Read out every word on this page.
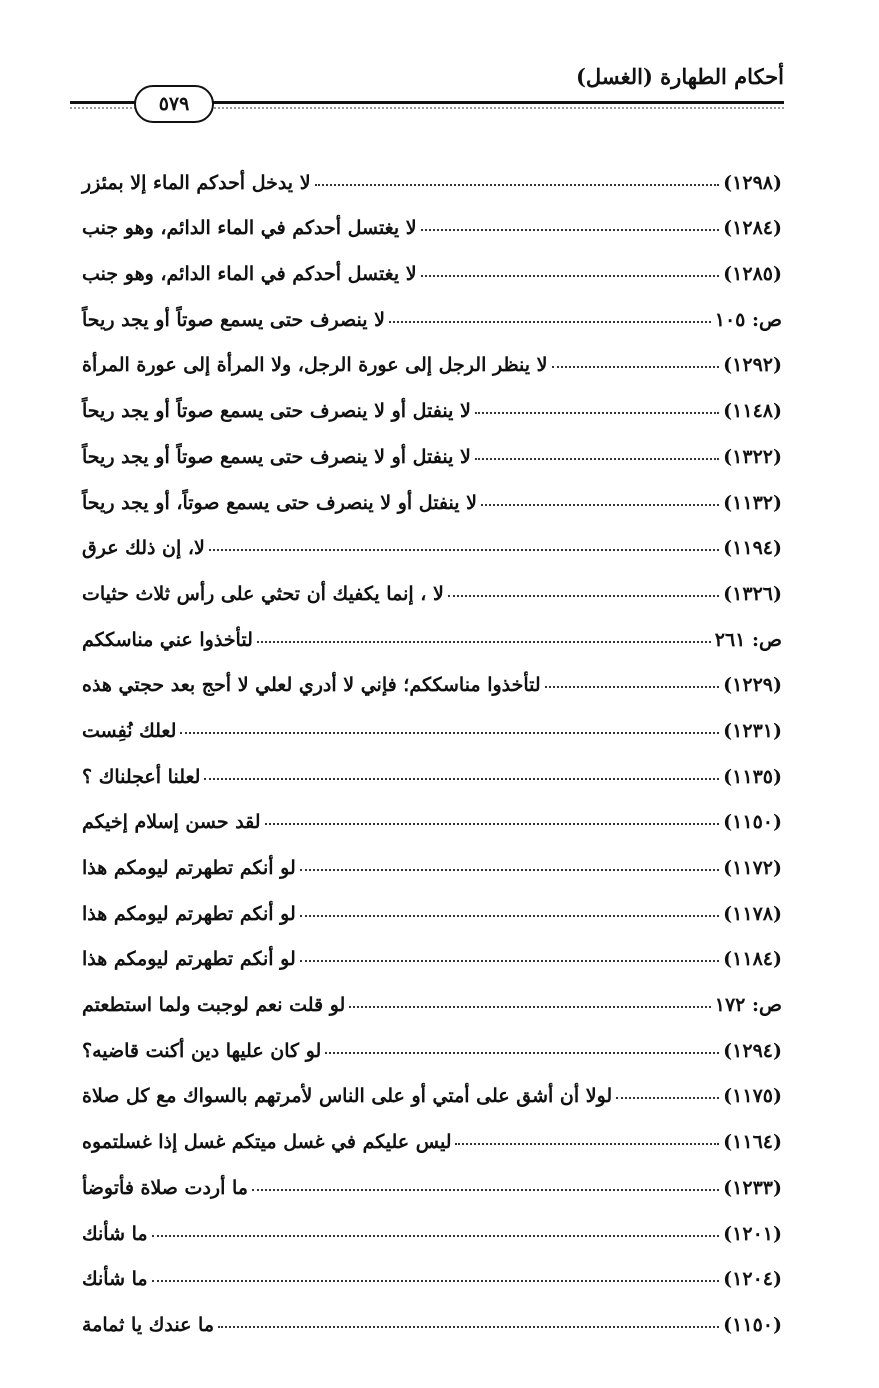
أحكام الطهارة (الغسل)
٥٧٩
لا يدخل أحدكم الماء إلا بمئزر	(١٢٩٨)
لا يغتسل أحدكم في الماء الدائم، وهو جنب	(١٢٨٤)
لا يغتسل أحدكم في الماء الدائم، وهو جنب	(١٢٨٥)
لا ينصرف حتى يسمع صوتاً أو يجد ريحاً	ص: ١٠٥
لا ينظر الرجل إلى عورة الرجل، ولا المرأة إلى عورة المرأة	(١٢٩٢)
لا ينفتل أو لا ينصرف حتى يسمع صوتاً أو يجد ريحاً	(١١٤٨)
لا ينفتل أو لا ينصرف حتى يسمع صوتاً أو يجد ريحاً	(١٣٢٢)
لا ينفتل أو لا ينصرف حتى يسمع صوتاً، أو يجد ريحاً	(١١٣٢)
لا، إن ذلك عرق	(١١٩٤)
لا ، إنما يكفيك أن تحثي على رأس ثلاث حثيات	(١٣٢٦)
لتأخذوا عني مناسككم	ص: ٢٦١
لتأخذوا مناسككم؛ فإني لا أدري لعلي لا أحج بعد حجتي هذه	(١٢٢٩)
لعلك نُفِست	(١٢٣١)
لعلنا أعجلناك ؟	(١١٣٥)
لقد حسن إسلام إخيكم	(١١٥٠)
لو أنكم تطهرتم ليومكم هذا	(١١٧٢)
لو أنكم تطهرتم ليومكم هذا	(١١٧٨)
لو أنكم تطهرتم ليومكم هذا	(١١٨٤)
لو قلت نعم لوجبت ولما استطعتم	ص: ١٧٢
لو كان عليها دين أكنت قاضيه؟	(١٢٩٤)
لولا أن أشق على أمتي أو على الناس لأمرتهم بالسواك مع كل صلاة	(١١٧٥)
ليس عليكم في غسل ميتكم غسل إذا غسلتموه	(١١٦٤)
ما أردت صلاة فأتوضأ	(١٢٣٣)
ما شأنك	(١٢٠١)
ما شأنك	(١٢٠٤)
ما عندك يا ثمامة	(١١٥٠)
